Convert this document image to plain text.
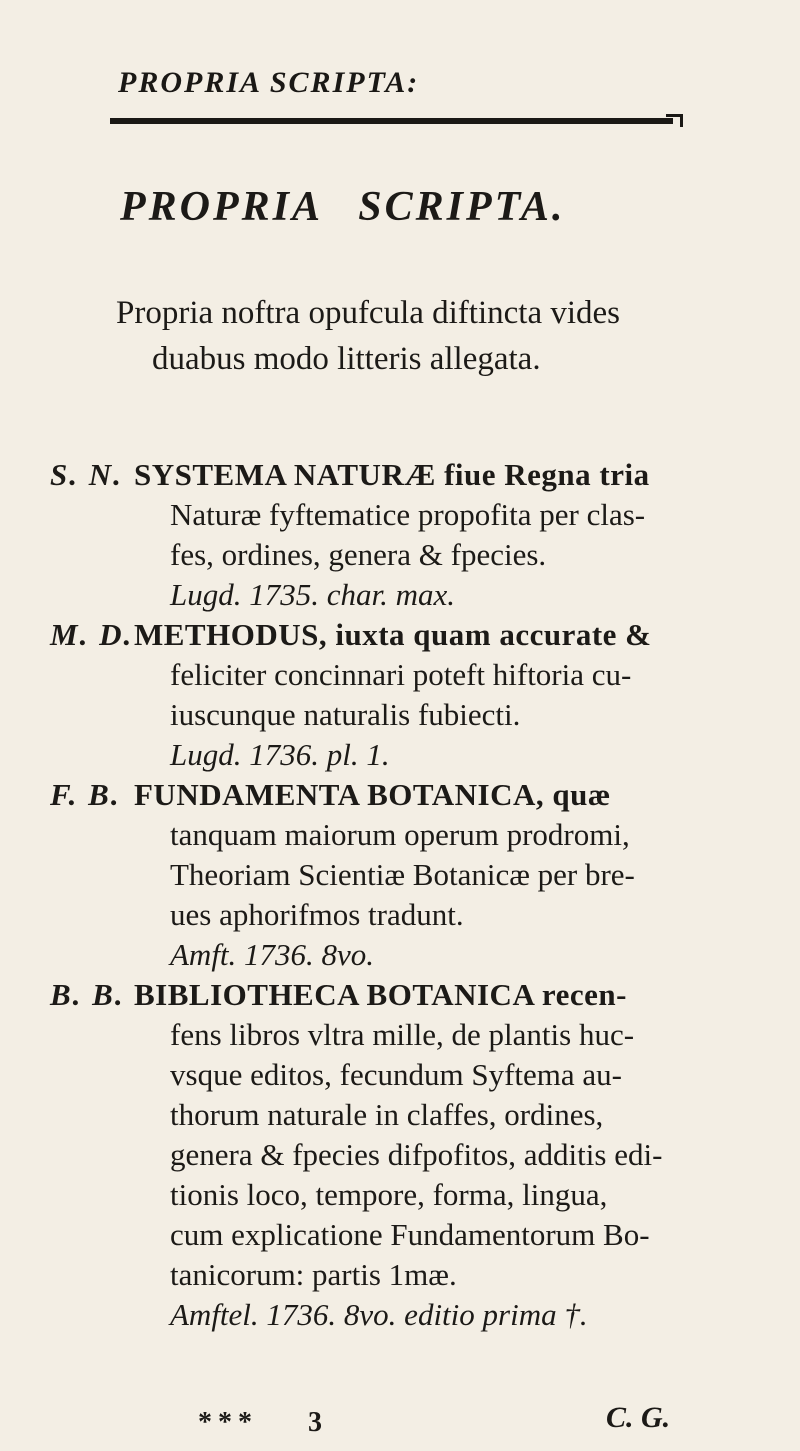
PROPRIA SCRIPTA:
PROPRIA SCRIPTA.
Propria noftra opufcula diftincta vides
duabus modo litteris allegata.
S. N. SYSTEMA NATURÆ fiue Regna tria
Naturæ fyftematice propofita per clas-
fes, ordines, genera & fpecies.
Lugd. 1735. char. max.
M. D. METHODUS, iuxta quam accurate &
feliciter concinnari poteft hiftoria cu-
iuscunque naturalis fubiecti.
Lugd. 1736. pl. 1.
F. B. FUNDAMENTA BOTANICA, quæ
tanquam maiorum operum prodromi,
Theoriam Scientiæ Botanicæ per bre-
ues aphorifmos tradunt.
Amft. 1736. 8vo.
B. B. BIBLIOTHECA BOTANICA recen-
fens libros vltra mille, de plantis huc-
vsque editos, fecundum Syftema au-
thorum naturale in claffes, ordines,
genera & fpecies difpofitos, additis edi-
tionis loco, tempore, forma, lingua,
cum explicatione Fundamentorum Bo-
tanicorum: partis 1mæ.
Amftel. 1736. 8vo. editio prima †.
*** 3	C. G.
